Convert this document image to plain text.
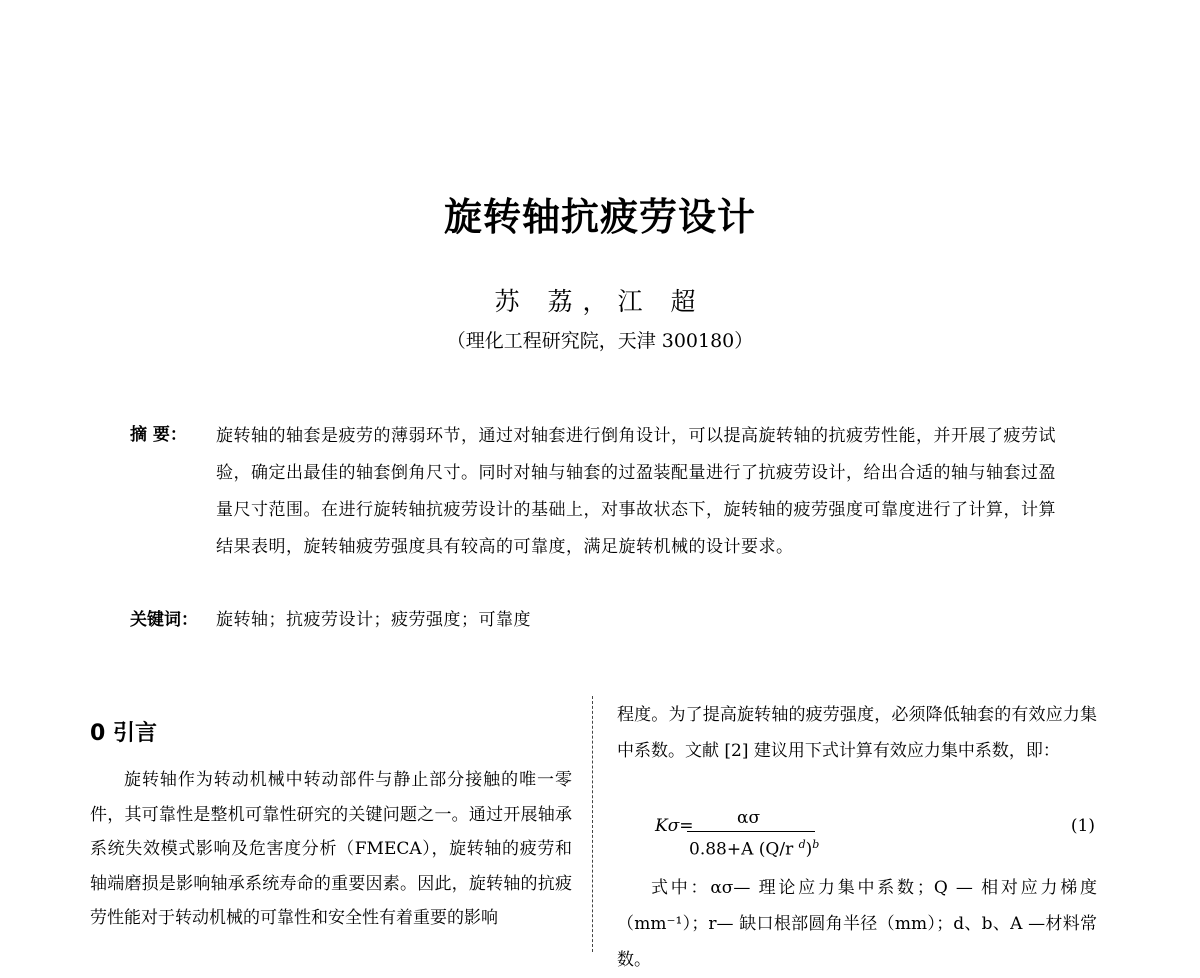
旋转轴抗疲劳设计
苏 荔，江 超
（理化工程研究院，天津 300180）
摘 要： 旋转轴的轴套是疲劳的薄弱环节，通过对轴套进行倒角设计，可以提高旋转轴的抗疲劳性能，并开展了疲劳试验，确定出最佳的轴套倒角尺寸。同时对轴与轴套的过盈装配量进行了抗疲劳设计，给出合适的轴与轴套过盈量尺寸范围。在进行旋转轴抗疲劳设计的基础上，对事故状态下，旋转轴的疲劳强度可靠度进行了计算，计算结果表明，旋转轴疲劳强度具有较高的可靠度，满足旋转机械的设计要求。
关键词： 旋转轴；抗疲劳设计；疲劳强度；可靠度
0 引言

旋转轴作为转动机械中转动部件与静止部分接触的唯一零件，其可靠性是整机可靠性研究的关键问题之一。通过开展轴承系统失效模式影响及危害度分析（FMECA），旋转轴的疲劳和轴端磨损是影响轴承系统寿命的重要因素。因此，旋转轴的抗疲劳性能对于转动机械的可靠性和安全性有着重要的影响

程度。为了提高旋转轴的疲劳强度，必须降低轴套的有效应力集中系数。文献 [2] 建议用下式计算有效应力集中系数，即：

Kσ=	ασ
0.88+A (Q/r $^d$)$^b$
(1)

式中：ασ— 理论应力集中系数；Q — 相对应力梯度（mm⁻¹）；r— 缺口根部圆角半径（mm）；d、b、A —材料常数。
